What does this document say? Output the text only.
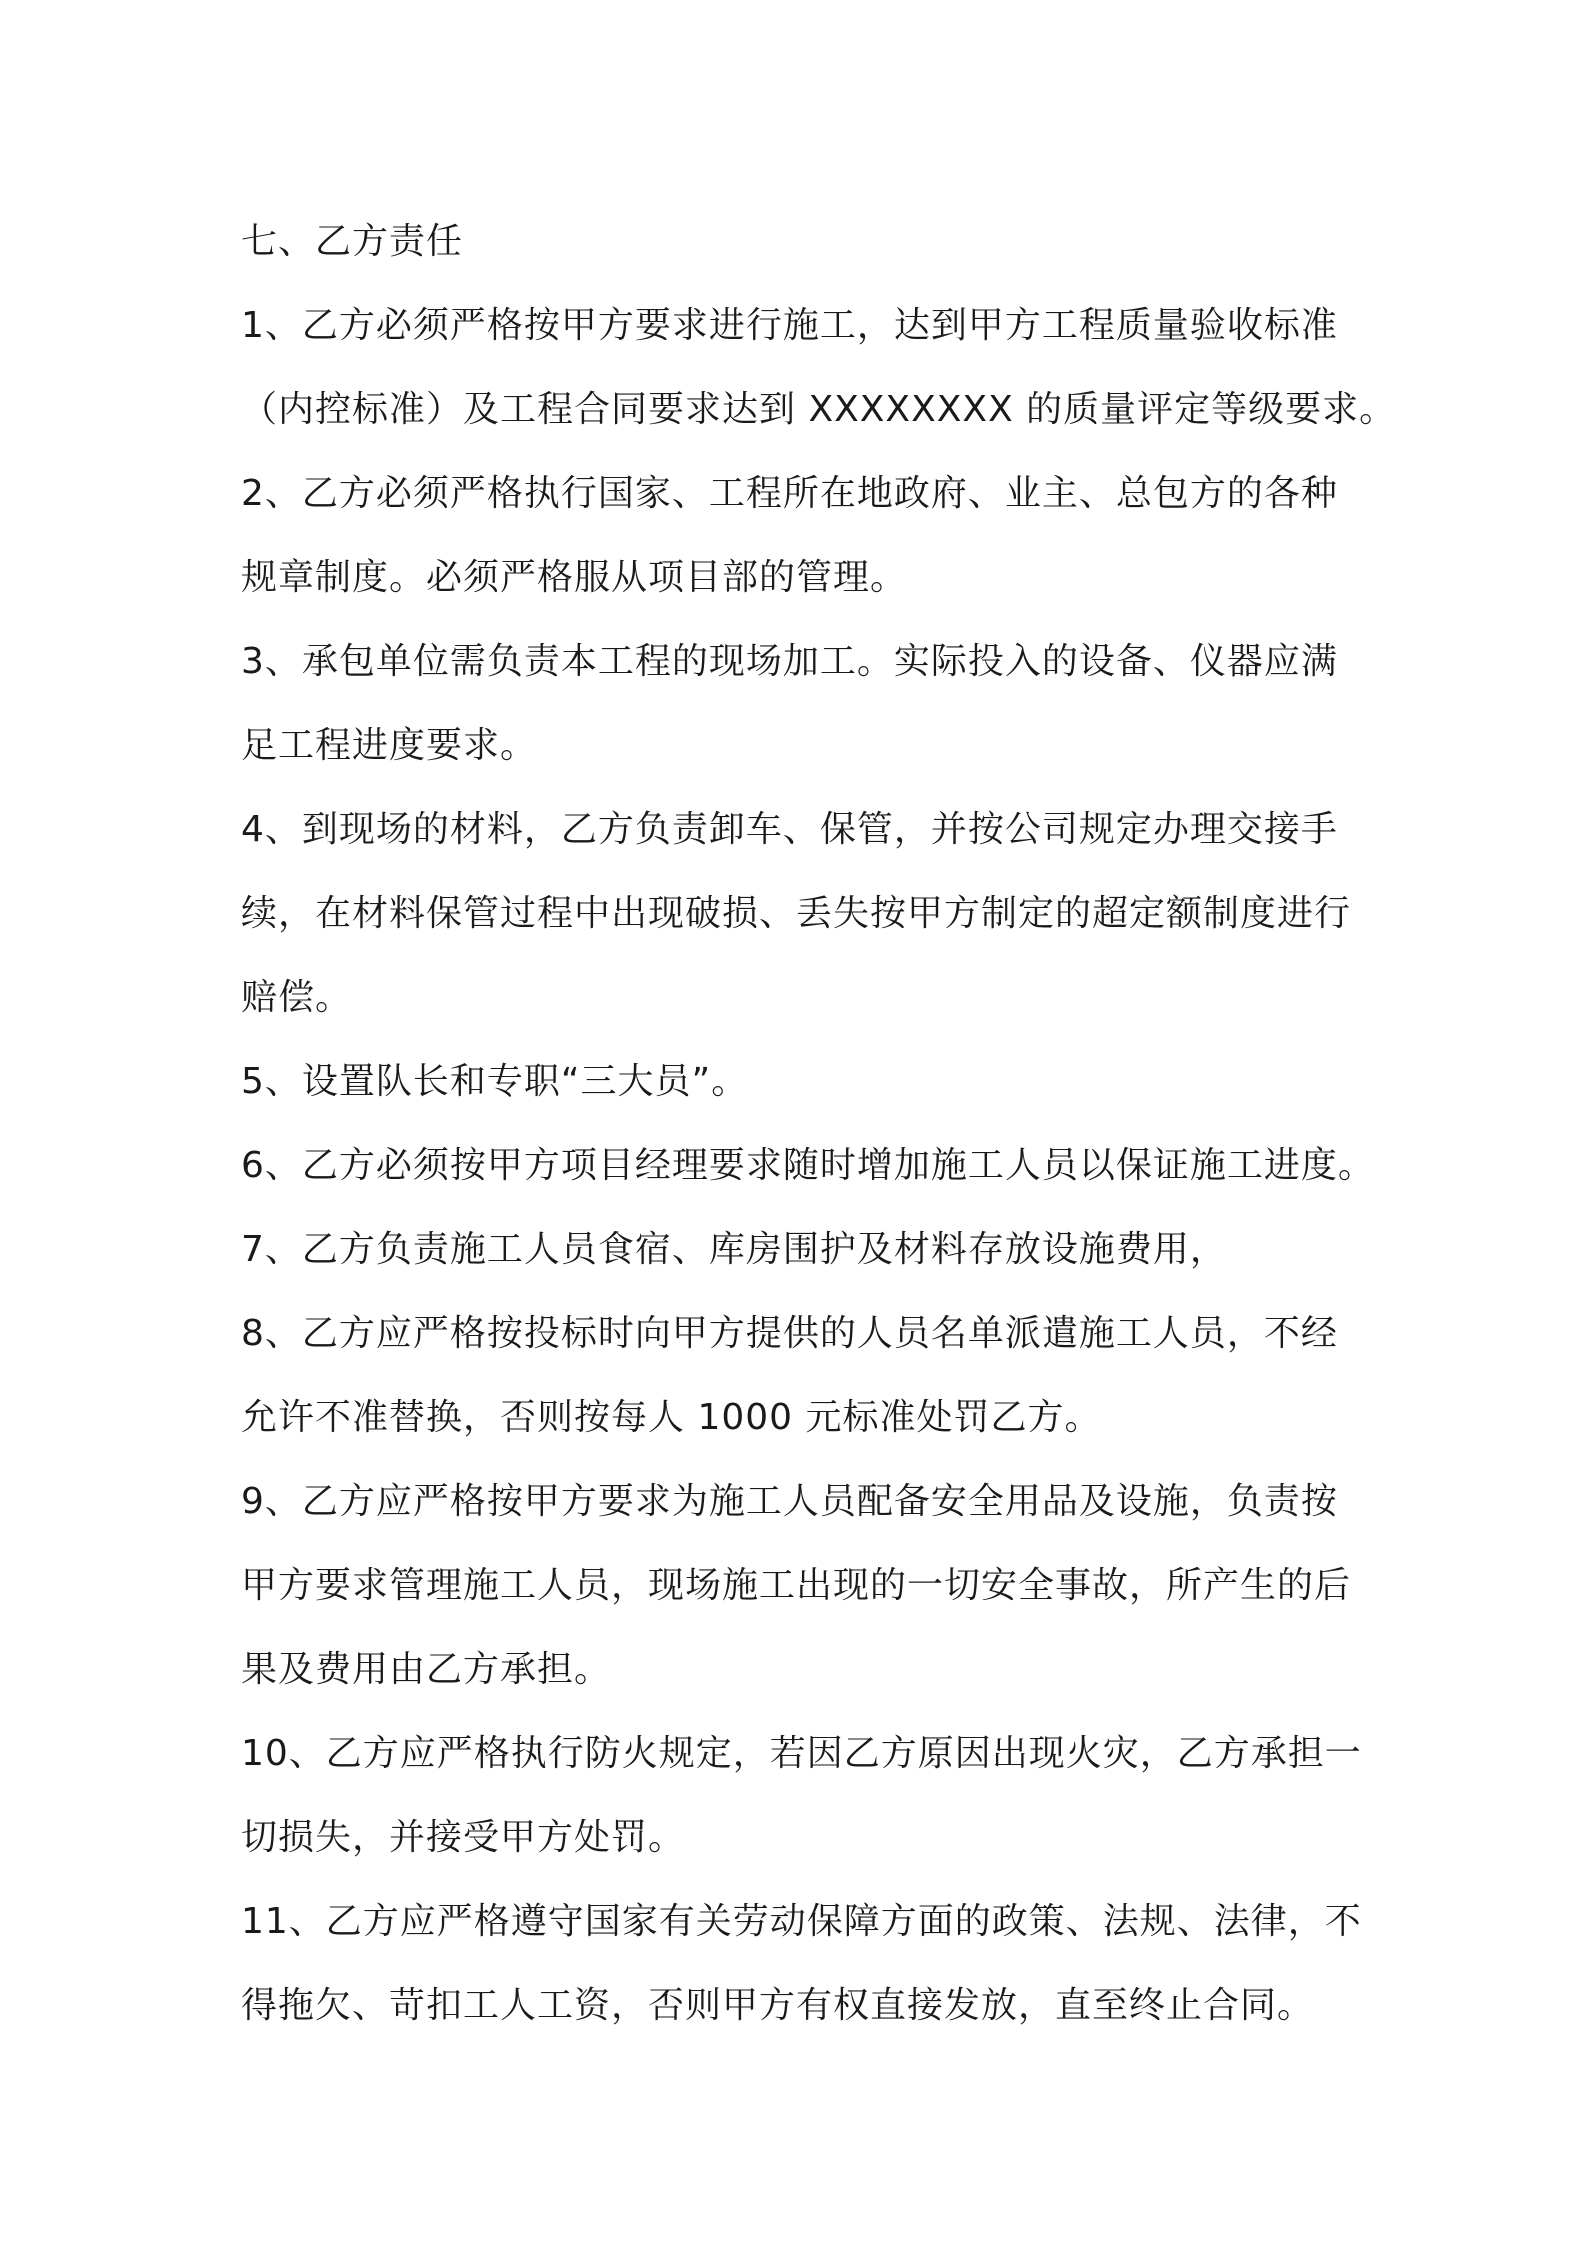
七、乙方责任

1、乙方必须严格按甲方要求进行施工，达到甲方工程质量验收标准
（内控标准）及工程合同要求达到 XXXXXXXX 的质量评定等级要求。
2、乙方必须严格执行国家、工程所在地政府、业主、总包方的各种
规章制度。必须严格服从项目部的管理。
3、承包单位需负责本工程的现场加工。实际投入的设备、仪器应满
足工程进度要求。
4、到现场的材料，乙方负责卸车、保管，并按公司规定办理交接手
续，在材料保管过程中出现破损、丢失按甲方制定的超定额制度进行
赔偿。
5、设置队长和专职“三大员”。
6、乙方必须按甲方项目经理要求随时增加施工人员以保证施工进度。
7、乙方负责施工人员食宿、库房围护及材料存放设施费用，
8、乙方应严格按投标时向甲方提供的人员名单派遣施工人员，不经
允许不准替换，否则按每人 1000 元标准处罚乙方。
9、乙方应严格按甲方要求为施工人员配备安全用品及设施，负责按
甲方要求管理施工人员，现场施工出现的一切安全事故，所产生的后
果及费用由乙方承担。
10、乙方应严格执行防火规定，若因乙方原因出现火灾，乙方承担一
切损失，并接受甲方处罚。
11、乙方应严格遵守国家有关劳动保障方面的政策、法规、法律，不
得拖欠、苛扣工人工资，否则甲方有权直接发放，直至终止合同。
